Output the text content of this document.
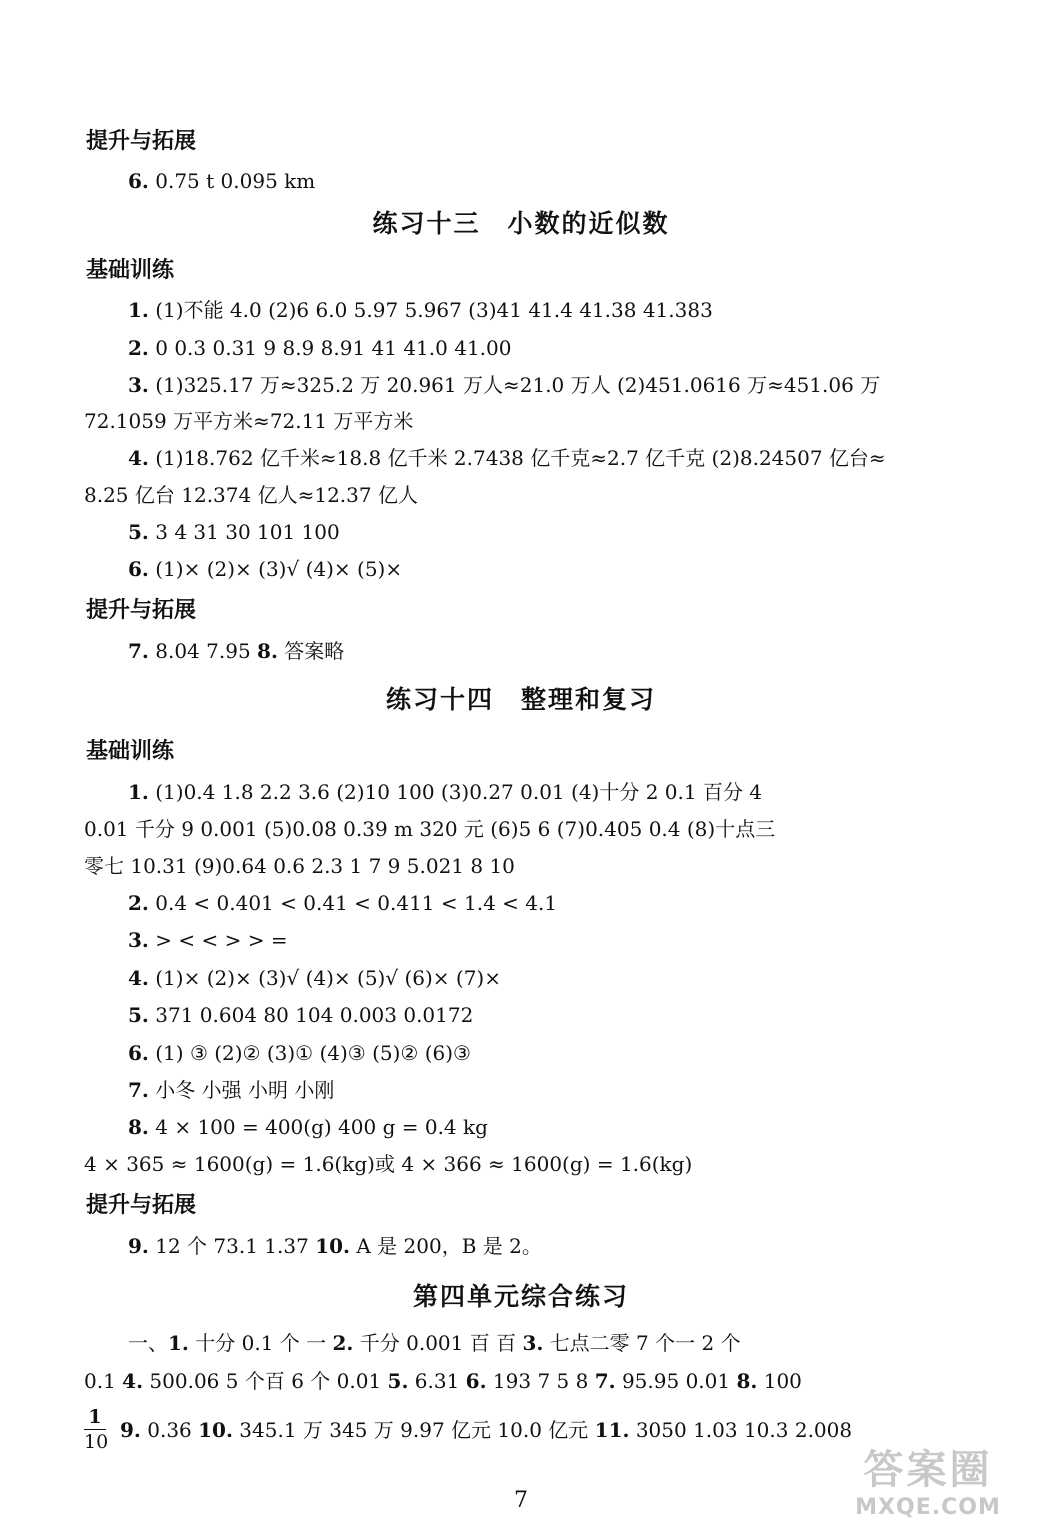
提升与拓展
6. 0.75 t 0.095 km
练习十三　小数的近似数
基础训练
1. (1)不能 4.0 (2)6 6.0 5.97 5.967 (3)41 41.4 41.38 41.383
2. 0 0.3 0.31 9 8.9 8.91 41 41.0 41.00
3. (1)325.17 万≈325.2 万 20.961 万人≈21.0 万人 (2)451.0616 万≈451.06 万
72.1059 万平方米≈72.11 万平方米
4. (1)18.762 亿千米≈18.8 亿千米 2.7438 亿千克≈2.7 亿千克 (2)8.24507 亿台≈
8.25 亿台 12.374 亿人≈12.37 亿人
5. 3 4 31 30 101 100
6. (1)× (2)× (3)√ (4)× (5)×
提升与拓展
7. 8.04 7.95 8. 答案略
练习十四　整理和复习
基础训练
1. (1)0.4 1.8 2.2 3.6 (2)10 100 (3)0.27 0.01 (4)十分 2 0.1 百分 4
0.01 千分 9 0.001 (5)0.08 0.39 m 320 元 (6)5 6 (7)0.405 0.4 (8)十点三
零七 10.31 (9)0.64 0.6 2.3 1 7 9 5.021 8 10
2. 0.4 < 0.401 < 0.41 < 0.411 < 1.4 < 4.1
3. > < < > > =
4. (1)× (2)× (3)√ (4)× (5)√ (6)× (7)×
5. 371 0.604 80 104 0.003 0.0172
6. (1) ③ (2)② (3)① (4)③ (5)② (6)③
7. 小冬 小强 小明 小刚
8. 4 × 100 = 400(g) 400 g = 0.4 kg
4 × 365 ≈ 1600(g) = 1.6(kg)或 4 × 366 ≈ 1600(g) = 1.6(kg)
提升与拓展
9. 12 个 73.1 1.37 10. A 是 200，B 是 2。
第四单元综合练习
一、1. 十分 0.1 个 一 2. 千分 0.001 百 百 3. 七点二零 7 个一 2 个
0.1 4. 500.06 5 个百 6 个 0.01 5. 6.31 6. 193 7 5 8 7. 95.95 0.01 8. 100
$\frac{1}{10} 9$. 0.36 10. 345.1 万 345 万 9.97 亿元 10.0 亿元 11. 3050 1.03 10.3 2.008
7
答案圈
MXQE.COM
